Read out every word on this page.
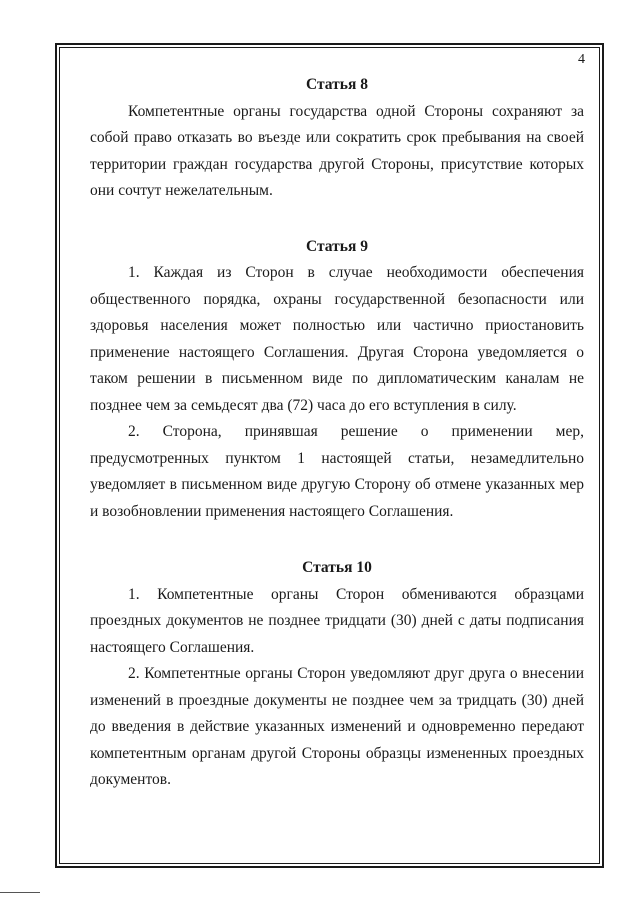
4

Статья 8

Компетентные органы государства одной Стороны сохраняют за собой право отказать во въезде или сократить срок пребывания на своей территории граждан государства другой Стороны, присутствие которых они сочтут нежелательным.

Статья 9

1. Каждая из Сторон в случае необходимости обеспечения общественного порядка, охраны государственной безопасности или здоровья населения может полностью или частично приостановить применение настоящего Соглашения. Другая Сторона уведомляется о таком решении в письменном виде по дипломатическим каналам не позднее чем за семьдесят два (72) часа до его вступления в силу.

2. Сторона, принявшая решение о применении мер, предусмотренных пунктом 1 настоящей статьи, незамедлительно уведомляет в письменном виде другую Сторону об отмене указанных мер и возобновлении применения настоящего Соглашения.

Статья 10

1. Компетентные органы Сторон обмениваются образцами проездных документов не позднее тридцати (30) дней с даты подписания настоящего Соглашения.

2. Компетентные органы Сторон уведомляют друг друга о внесении изменений в проездные документы не позднее чем за тридцать (30) дней до введения в действие указанных изменений и одновременно передают компетентным органам другой Стороны образцы измененных проездных документов.
